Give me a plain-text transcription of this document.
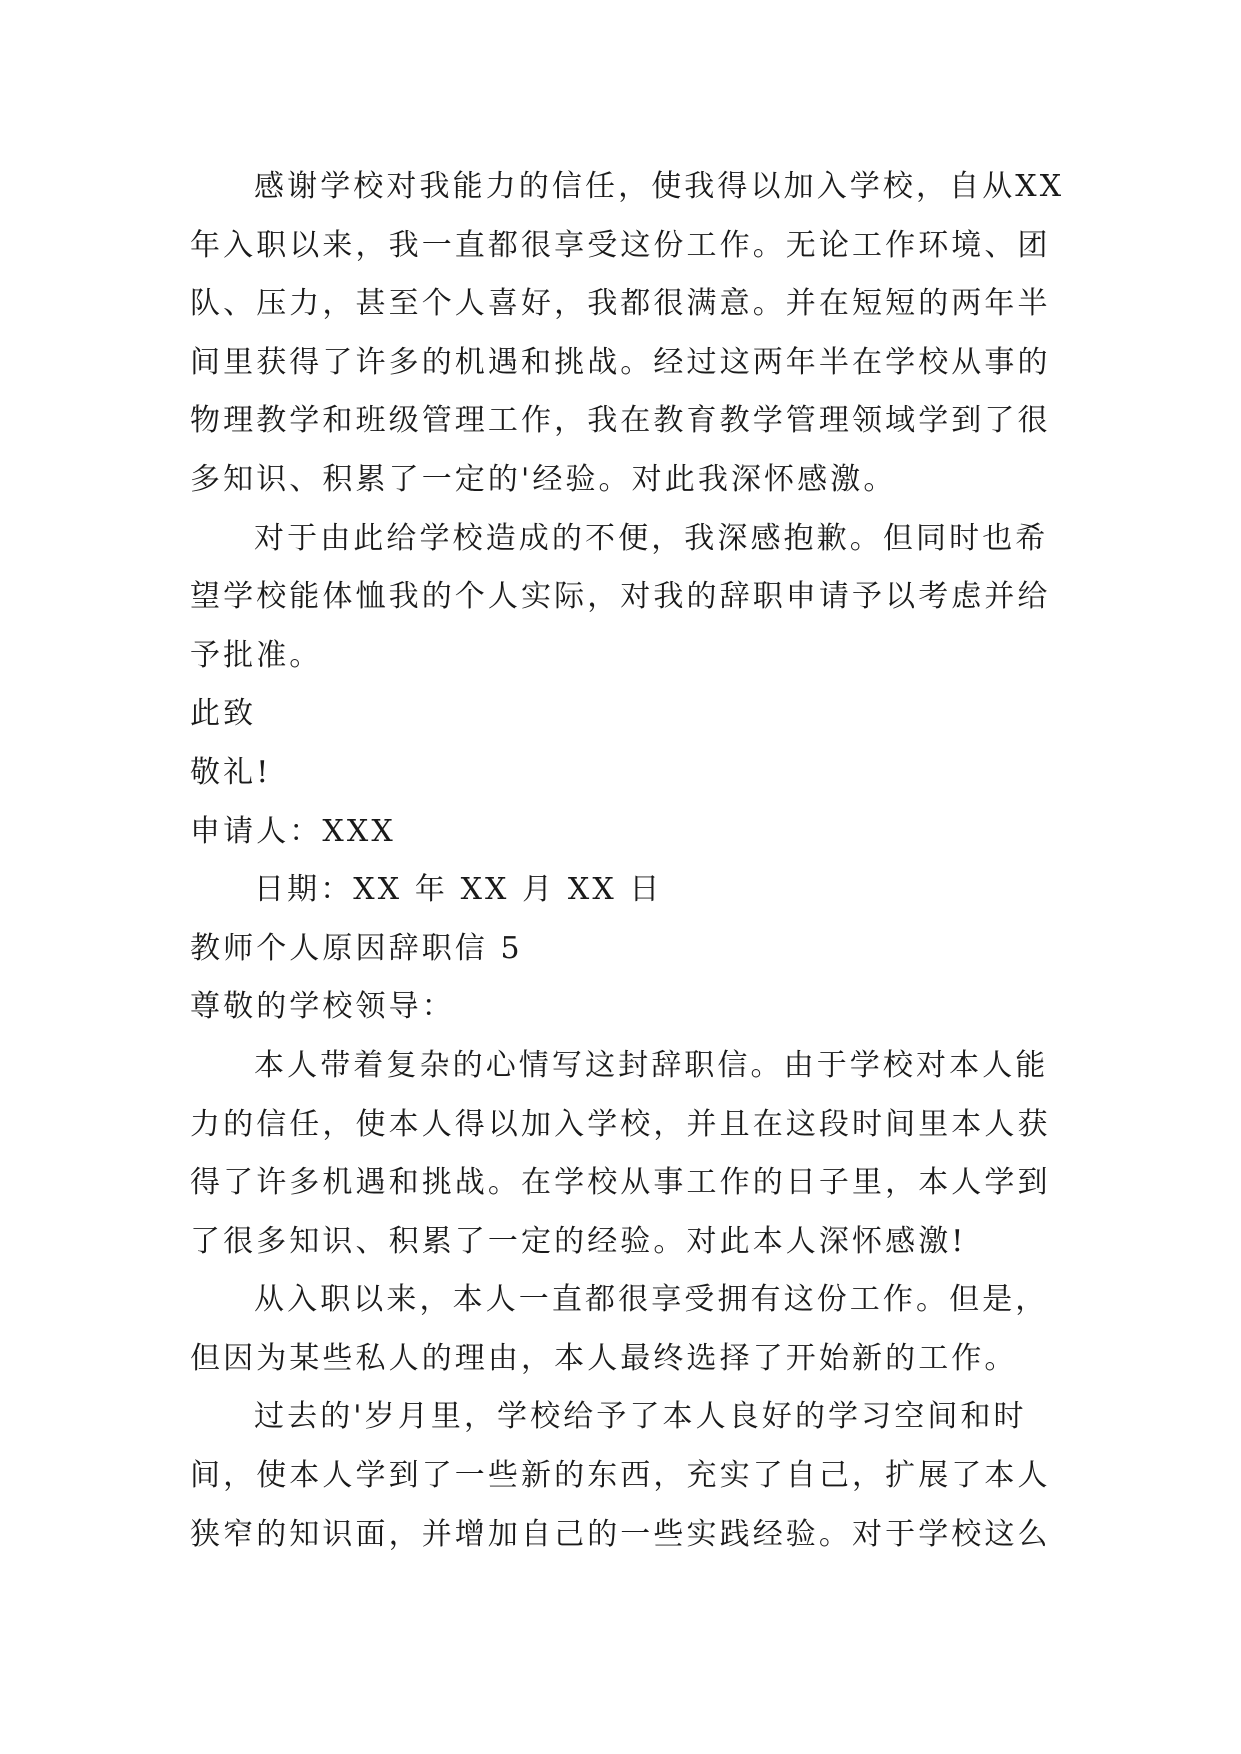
感谢学校对我能力的信任，使我得以加入学校，自从XX
年入职以来，我一直都很享受这份工作。无论工作环境、团
队、压力，甚至个人喜好，我都很满意。并在短短的两年半
间里获得了许多的机遇和挑战。经过这两年半在学校从事的
物理教学和班级管理工作，我在教育教学管理领域学到了很
多知识、积累了一定的'经验。对此我深怀感激。
对于由此给学校造成的不便，我深感抱歉。但同时也希
望学校能体恤我的个人实际，对我的辞职申请予以考虑并给
予批准。
此致
敬礼!
申请人：XXX
日期：XX 年 XX 月 XX 日
教师个人原因辞职信 5
尊敬的学校领导：
本人带着复杂的心情写这封辞职信。由于学校对本人能
力的信任，使本人得以加入学校，并且在这段时间里本人获
得了许多机遇和挑战。在学校从事工作的日子里，本人学到
了很多知识、积累了一定的经验。对此本人深怀感激!
从入职以来，本人一直都很享受拥有这份工作。但是，
但因为某些私人的理由，本人最终选择了开始新的工作。
过去的'岁月里，学校给予了本人良好的学习空间和时
间，使本人学到了一些新的东西，充实了自己，扩展了本人
狭窄的知识面，并增加自己的一些实践经验。对于学校这么
